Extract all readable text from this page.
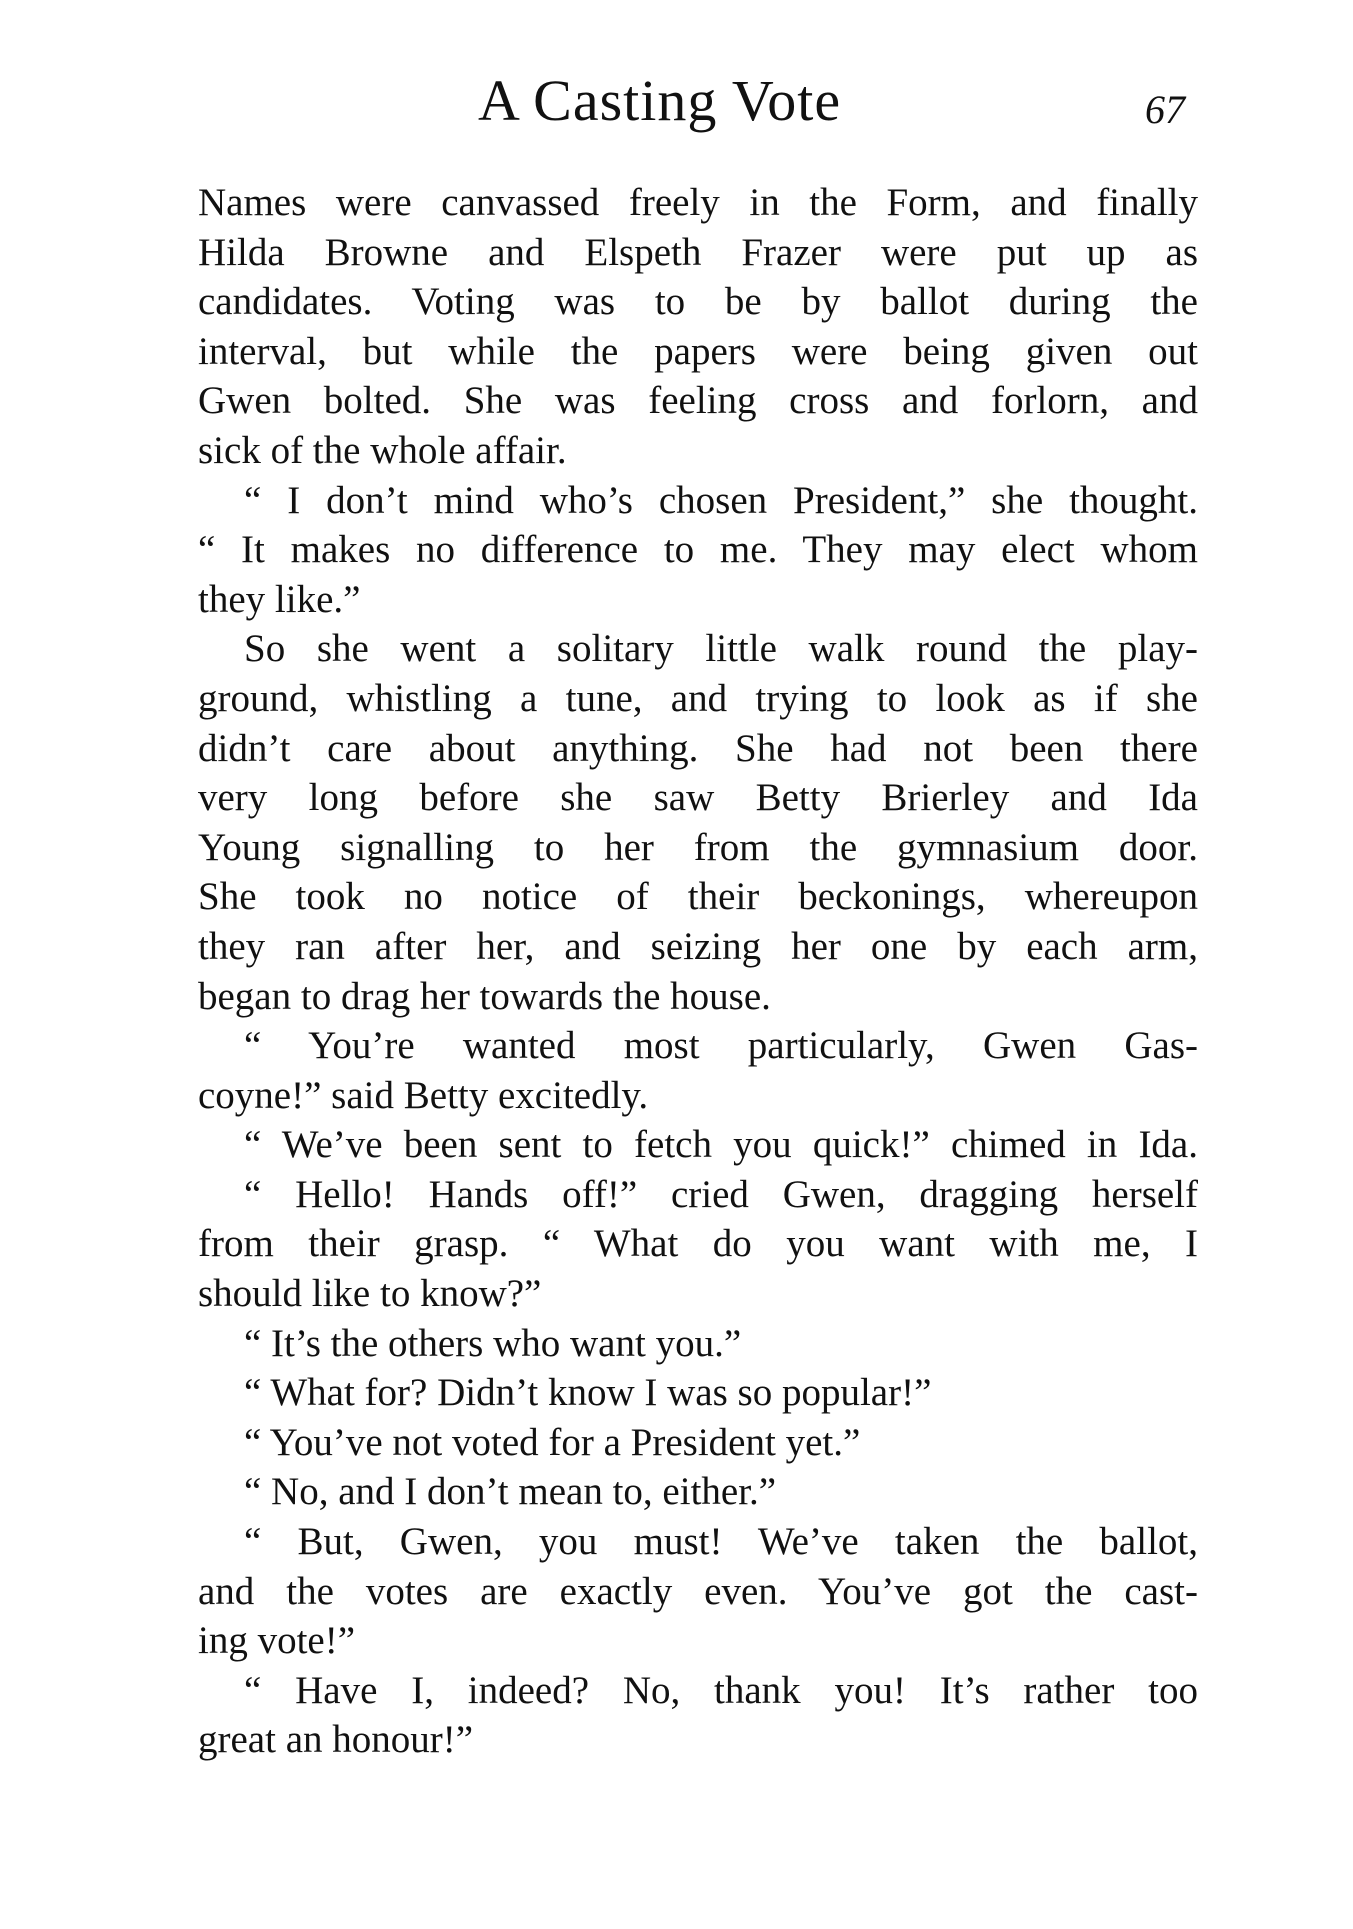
A Casting Vote	67
Names were canvassed freely in the Form, and finally
Hilda Browne and Elspeth Frazer were put up as
candidates. Voting was to be by ballot during the
interval, but while the papers were being given out
Gwen bolted. She was feeling cross and forlorn, and
sick of the whole affair.
“ I don’t mind who’s chosen President,” she thought.
“ It makes no difference to me. They may elect whom
they like.”
So she went a solitary little walk round the play-
ground, whistling a tune, and trying to look as if she
didn’t care about anything. She had not been there
very long before she saw Betty Brierley and Ida
Young signalling to her from the gymnasium door.
She took no notice of their beckonings, whereupon
they ran after her, and seizing her one by each arm,
began to drag her towards the house.
“ You’re wanted most particularly, Gwen Gas-
coyne!” said Betty excitedly.
“ We’ve been sent to fetch you quick!” chimed in Ida.
“ Hello! Hands off!” cried Gwen, dragging herself
from their grasp. “ What do you want with me, I
should like to know?”
“ It’s the others who want you.”
“ What for? Didn’t know I was so popular!”
“ You’ve not voted for a President yet.”
“ No, and I don’t mean to, either.”
“ But, Gwen, you must! We’ve taken the ballot,
and the votes are exactly even. You’ve got the cast-
ing vote!”
“ Have I, indeed? No, thank you! It’s rather too
great an honour!”
